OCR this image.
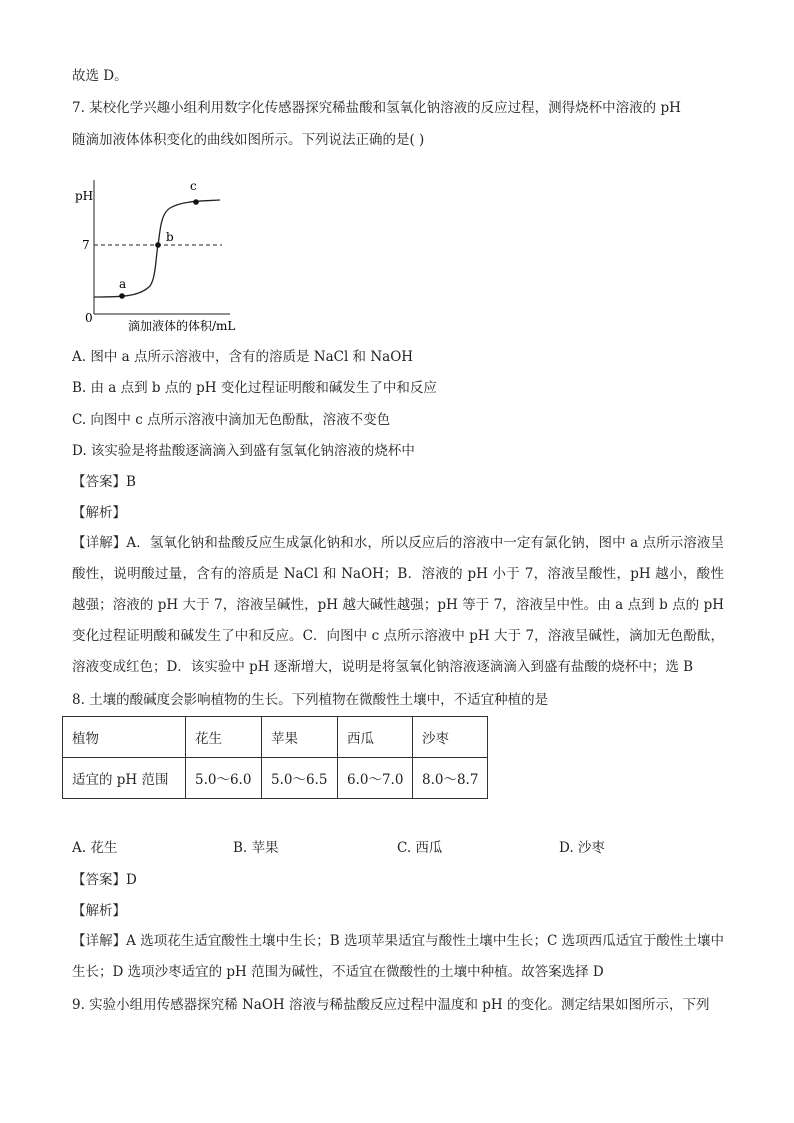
故选 D。
7. 某校化学兴趣小组利用数字化传感器探究稀盐酸和氢氧化钠溶液的反应过程，测得烧杯中溶液的 pH
随滴加液体体积变化的曲线如图所示。下列说法正确的是( )
pH
7
0
a
b
c
滴加液体的体积/mL
A. 图中 a 点所示溶液中，含有的溶质是 NaCl 和 NaOH
B. 由 a 点到 b 点的 pH 变化过程证明酸和碱发生了中和反应
C. 向图中 c 点所示溶液中滴加无色酚酞，溶液不变色
D. 该实验是将盐酸逐滴滴入到盛有氢氧化钠溶液的烧杯中
【答案】B
【解析】
【详解】A．氢氧化钠和盐酸反应生成氯化钠和水，所以反应后的溶液中一定有氯化钠，图中 a 点所示溶液呈酸性，说明酸过量，含有的溶质是 NaCl 和 NaOH；B．溶液的 pH 小于 7，溶液呈酸性，pH 越小，酸性越强；溶液的 pH 大于 7，溶液呈碱性，pH 越大碱性越强；pH 等于 7，溶液呈中性。由 a 点到 b 点的 pH 变化过程证明酸和碱发生了中和反应。C．向图中 c 点所示溶液中 pH 大于 7，溶液呈碱性，滴加无色酚酞，溶液变成红色；D．该实验中 pH 逐渐增大，说明是将氢氧化钠溶液逐滴滴入到盛有盐酸的烧杯中；选 B
8. 土壤的酸碱度会影响植物的生长。下列植物在微酸性土壤中，不适宜种植的是
植物	花生	苹果	西瓜	沙枣
适宜的 pH 范围	5.0～6.0	5.0～6.5	6.0～7.0	8.0～8.7
A. 花生	B. 苹果	C. 西瓜	D. 沙枣
【答案】D
【解析】
【详解】A 选项花生适宜酸性土壤中生长；B 选项苹果适宜与酸性土壤中生长；C 选项西瓜适宜于酸性土壤中生长；D 选项沙枣适宜的 pH 范围为碱性，不适宜在微酸性的土壤中种植。故答案选择 D
9. 实验小组用传感器探究稀 NaOH 溶液与稀盐酸反应过程中温度和 pH 的变化。测定结果如图所示，下列
